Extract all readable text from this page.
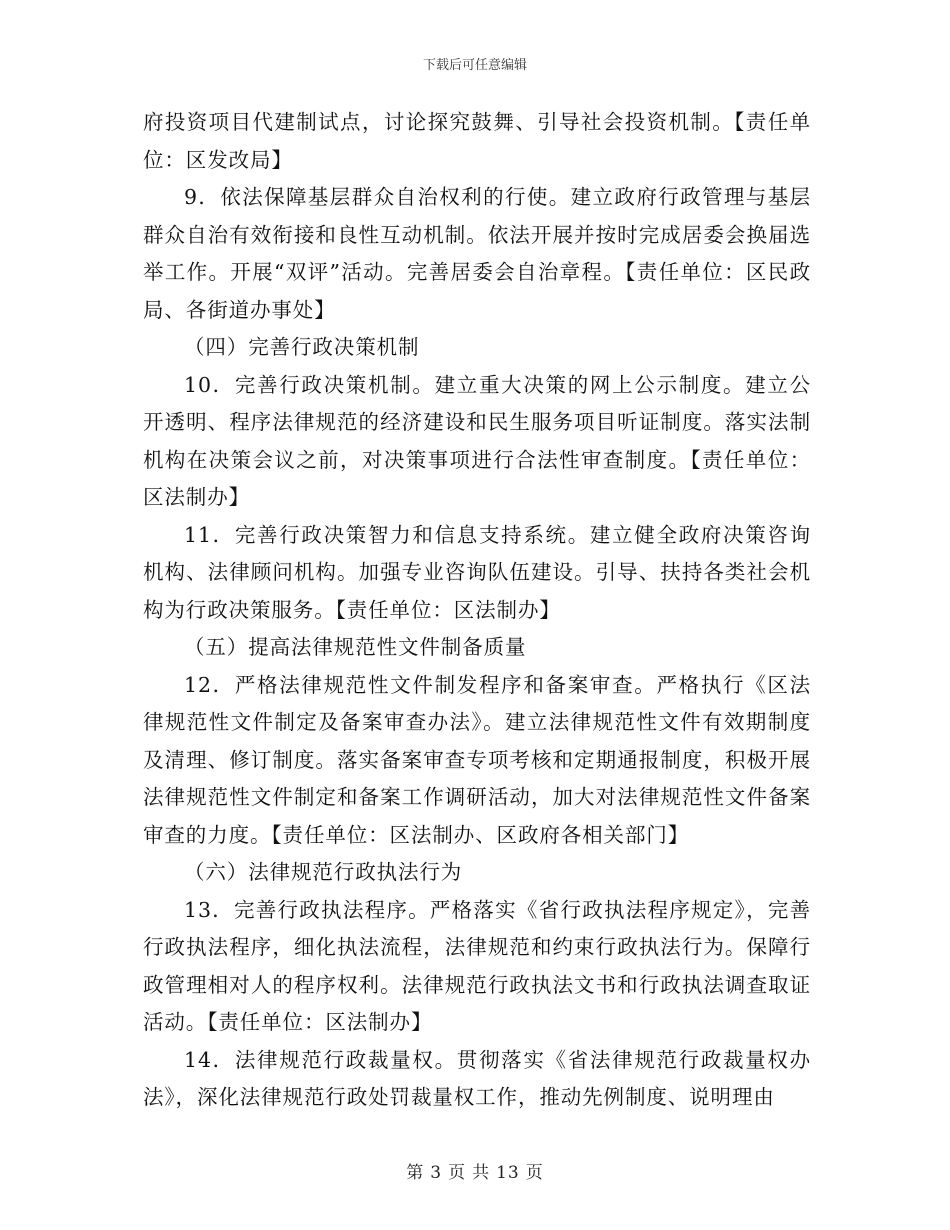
下载后可任意编辑

府投资项目代建制试点，讨论探究鼓舞、引导社会投资机制。【责任单位：区发改局】

9．依法保障基层群众自治权利的行使。建立政府行政管理与基层群众自治有效衔接和良性互动机制。依法开展并按时完成居委会换届选举工作。开展“双评”活动。完善居委会自治章程。【责任单位：区民政局、各街道办事处】

（四）完善行政决策机制

10．完善行政决策机制。建立重大决策的网上公示制度。建立公开透明、程序法律规范的经济建设和民生服务项目听证制度。落实法制机构在决策会议之前，对决策事项进行合法性审查制度。【责任单位：区法制办】

11．完善行政决策智力和信息支持系统。建立健全政府决策咨询机构、法律顾问机构。加强专业咨询队伍建设。引导、扶持各类社会机构为行政决策服务。【责任单位：区法制办】

（五）提高法律规范性文件制备质量

12．严格法律规范性文件制发程序和备案审查。严格执行《区法律规范性文件制定及备案审查办法》。建立法律规范性文件有效期制度及清理、修订制度。落实备案审查专项考核和定期通报制度，积极开展法律规范性文件制定和备案工作调研活动，加大对法律规范性文件备案审查的力度。【责任单位：区法制办、区政府各相关部门】

（六）法律规范行政执法行为

13．完善行政执法程序。严格落实《省行政执法程序规定》，完善行政执法程序，细化执法流程，法律规范和约束行政执法行为。保障行政管理相对人的程序权利。法律规范行政执法文书和行政执法调查取证活动。【责任单位：区法制办】

14．法律规范行政裁量权。贯彻落实《省法律规范行政裁量权办法》，深化法律规范行政处罚裁量权工作，推动先例制度、说明理由

第 3 页 共 13 页
